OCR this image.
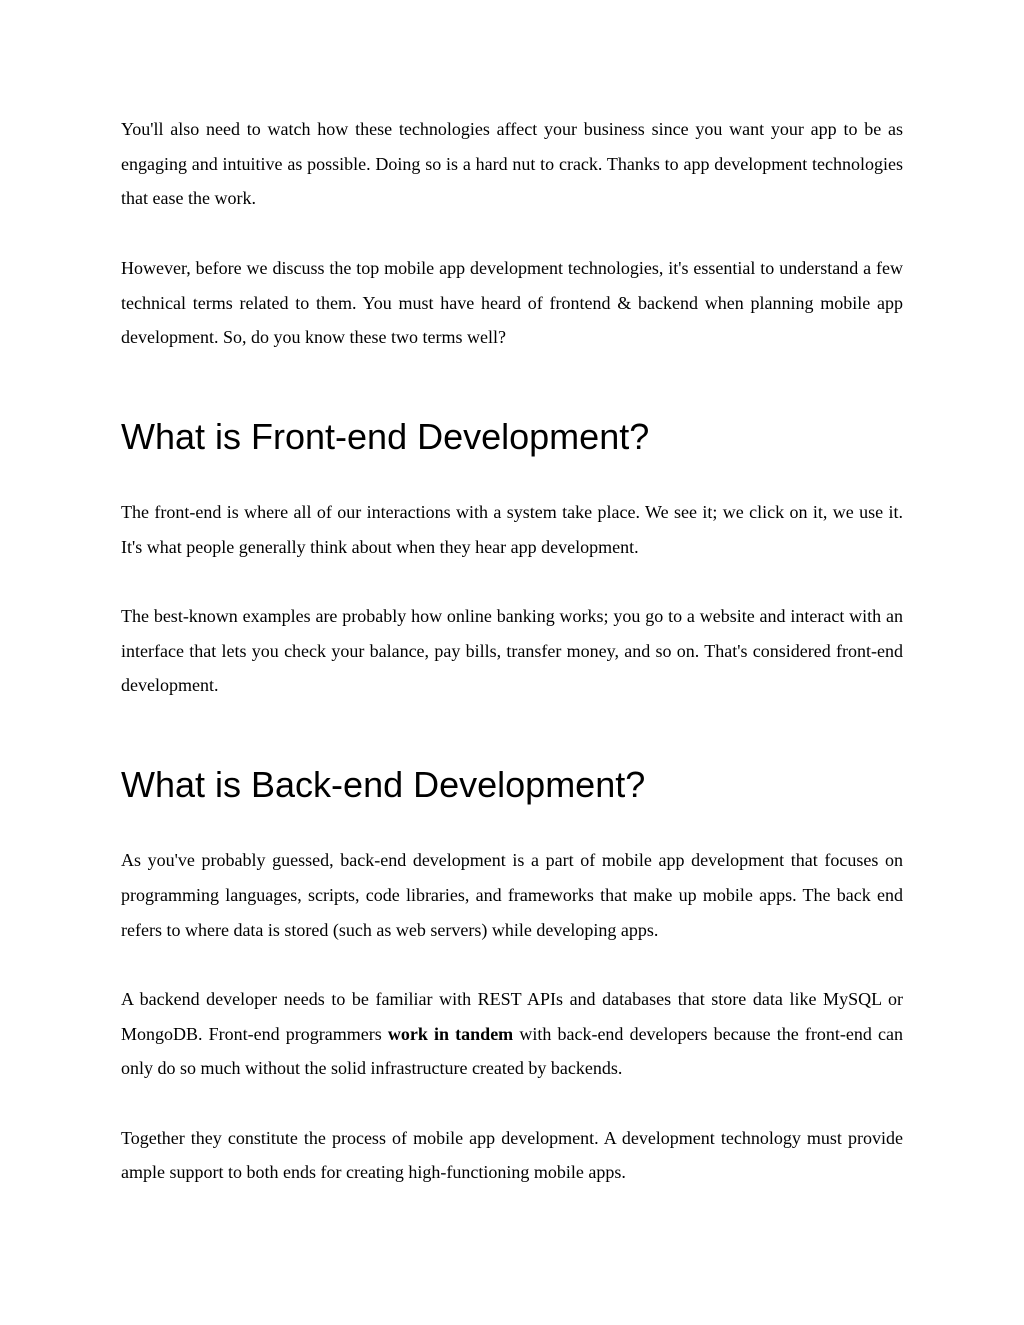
You'll also need to watch how these technologies affect your business since you want your app to be as engaging and intuitive as possible. Doing so is a hard nut to crack. Thanks to app development technologies that ease the work.

However, before we discuss the top mobile app development technologies, it's essential to understand a few technical terms related to them. You must have heard of frontend & backend when planning mobile app development. So, do you know these two terms well?

What is Front-end Development?

The front-end is where all of our interactions with a system take place. We see it; we click on it, we use it. It's what people generally think about when they hear app development.

The best-known examples are probably how online banking works; you go to a website and interact with an interface that lets you check your balance, pay bills, transfer money, and so on. That's considered front-end development.

What is Back-end Development?

As you've probably guessed, back-end development is a part of mobile app development that focuses on programming languages, scripts, code libraries, and frameworks that make up mobile apps. The back end refers to where data is stored (such as web servers) while developing apps.

A backend developer needs to be familiar with REST APIs and databases that store data like MySQL or MongoDB. Front-end programmers work in tandem with back-end developers because the front-end can only do so much without the solid infrastructure created by backends.

Together they constitute the process of mobile app development. A development technology must provide ample support to both ends for creating high-functioning mobile apps.
